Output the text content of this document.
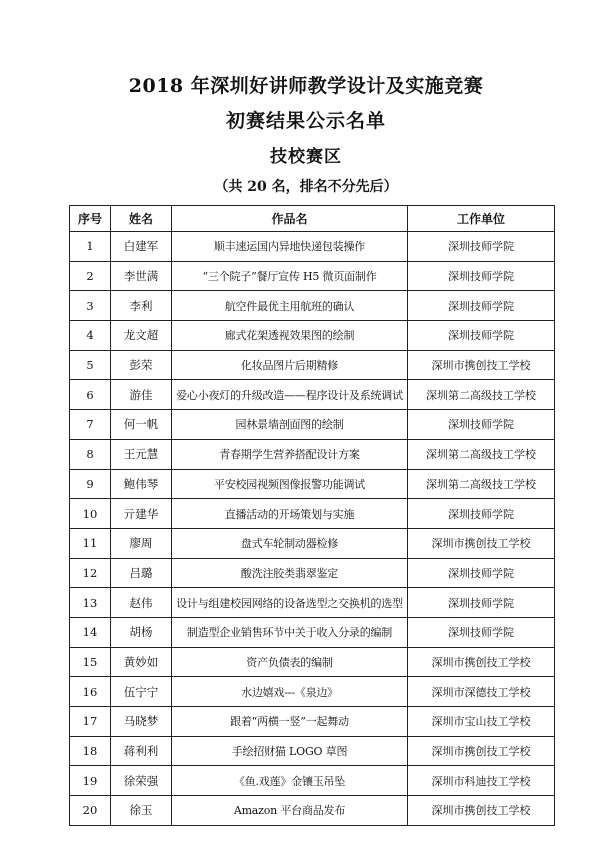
2018 年深圳好讲师教学设计及实施竞赛
初赛结果公示名单
技校赛区
（共 20 名，排名不分先后）
序号	姓名	作品名	工作单位
1	白建军	顺丰速运国内异地快递包装操作	深圳技师学院
2	李世满	“三个院子”餐厅宣传 H5 微页面制作	深圳技师学院
3	李利	航空件最优主用航班的确认	深圳技师学院
4	龙文超	廊式花架透视效果图的绘制	深圳技师学院
5	彭荣	化妆品图片后期精修	深圳市携创技工学校
6	游佳	爱心小夜灯的升级改造——程序设计及系统调试	深圳第二高级技工学校
7	何一帆	园林景墙剖面图的绘制	深圳技师学院
8	王元慧	青春期学生营养搭配设计方案	深圳第二高级技工学校
9	鲍伟琴	平安校园视频图像报警功能调试	深圳第二高级技工学校
10	亓建华	直播活动的开场策划与实施	深圳技师学院
11	廖周	盘式车轮制动器检修	深圳市携创技工学校
12	吕璐	酸洗注胶类翡翠鉴定	深圳技师学院
13	赵伟	设计与组建校园网络的设备选型之交换机的选型	深圳技师学院
14	胡杨	制造型企业销售环节中关于收入分录的编制	深圳技师学院
15	黄妙如	资产负债表的编制	深圳市携创技工学校
16	伍宁宁	水边嬉戏---《泉边》	深圳市深德技工学校
17	马晓梦	跟着“两横一竖”一起舞动	深圳市宝山技工学校
18	蒋利利	手绘招财猫 LOGO 草图	深圳市携创技工学校
19	徐荣强	《鱼.戏莲》金镶玉吊坠	深圳市科迪技工学校
20	徐玉	Amazon 平台商品发布	深圳市携创技工学校
